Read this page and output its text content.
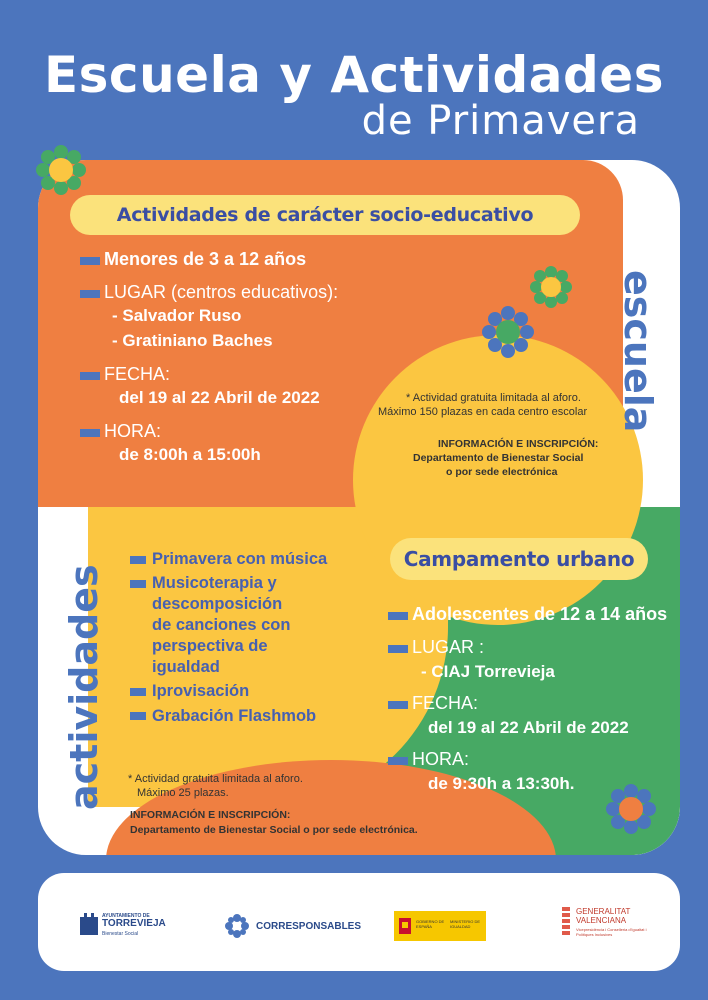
Escuela y Actividades
de Primavera
Actividades de carácter socio-educativo
Menores de 3 a 12 años
LUGAR (centros educativos):
- Salvador Ruso
- Gratiniano Baches
FECHA:
del 19 al 22 Abril de 2022
HORA:
de 8:00h a 15:00h
* Actividad gratuita limitada al aforo.
Máximo 150 plazas en cada centro escolar
INFORMACIÓN E INSCRIPCIÓN:
Departamento de Bienestar Social
o por sede electrónica
escuela
actividades
Primavera con música
Musicoterapia y
descomposición
de canciones con
perspectiva de
igualdad
Iprovisación
Grabación Flashmob
* Actividad gratuita limitada al aforo.
Máximo 25 plazas.
INFORMACIÓN E INSCRIPCIÓN:
Departamento de Bienestar Social o por sede electrónica.
Campamento urbano
Adolescentes de 12 a 14 años
LUGAR :
- CIAJ Torrevieja
FECHA:
del 19 al 22 Abril de 2022
HORA:
de 9:30h a 13:30h.
AYUNTAMIENTO DE
TORREVIEJA
Bienestar Social
CORRESPONSABLES	GOBIERNO DE ESPAÑA
MINISTERIO DE IGUALDAD
GENERALITAT
VALENCIANA
Vicepresidència i Conselleria d'Igualtat i Polítiques Inclusives
